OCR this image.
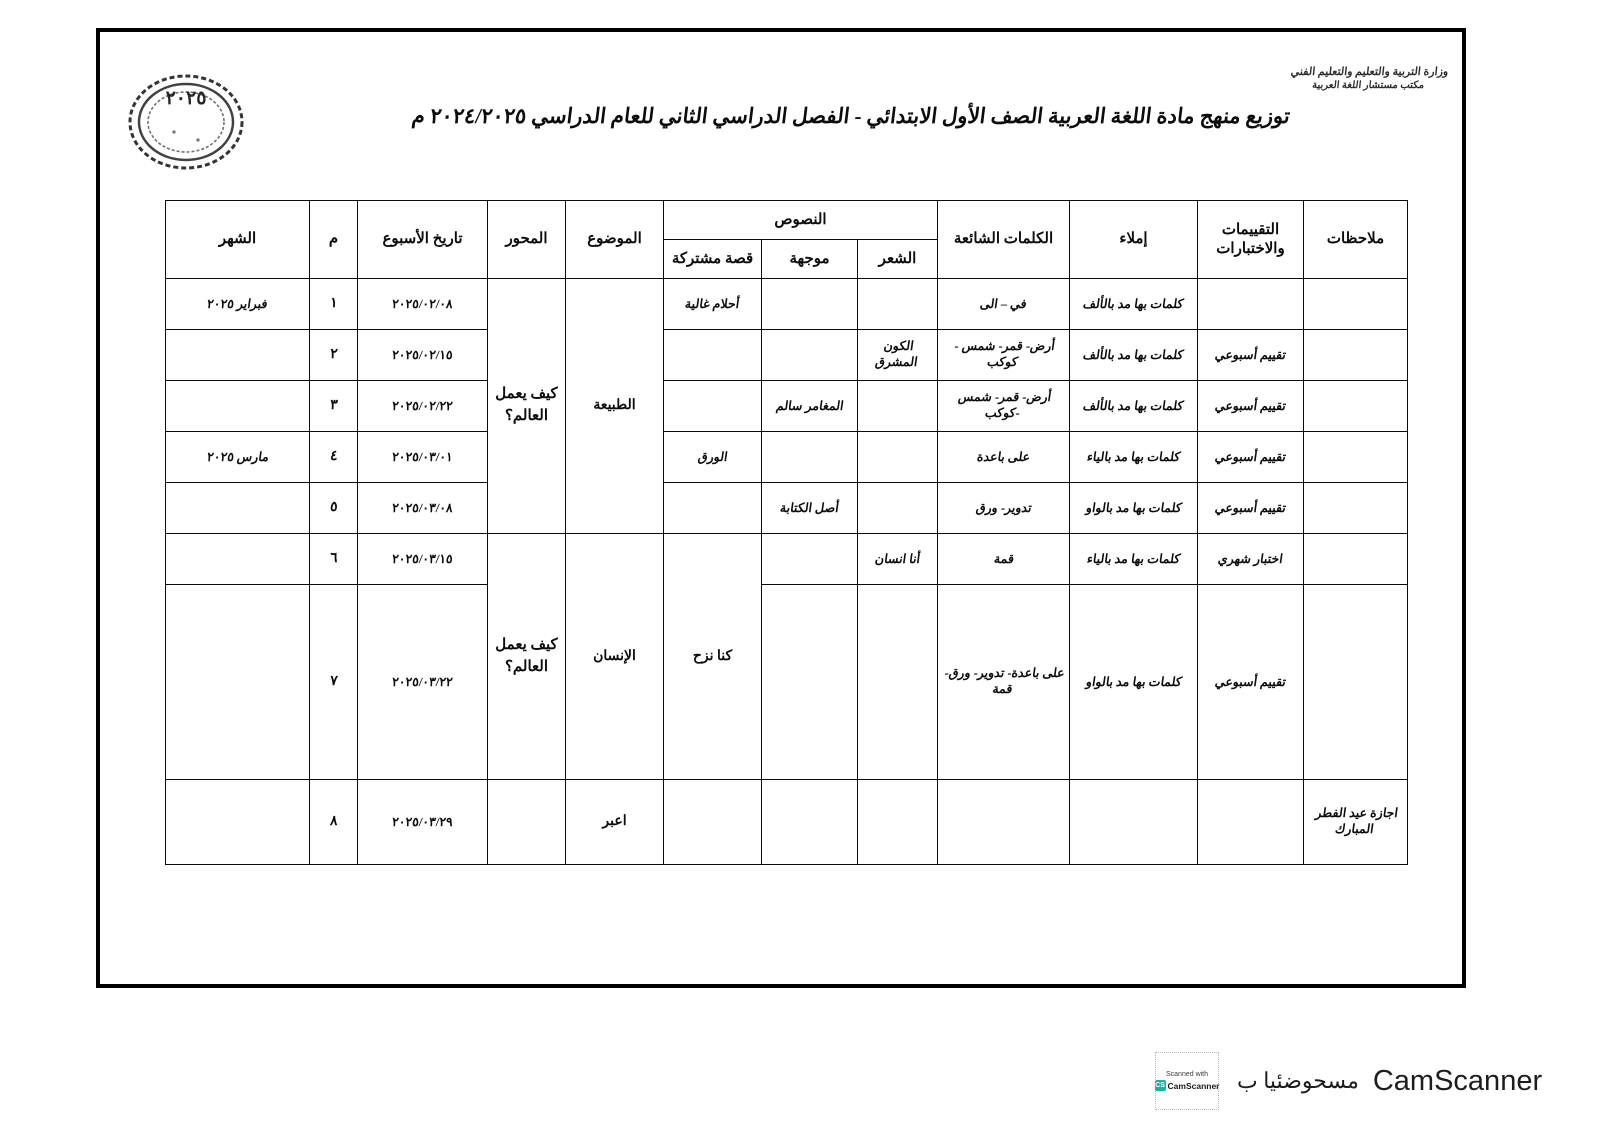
وزارة التربية والتعليم والتعليم الفني
مكتب مستشار اللغة العربية
٢٠٢٥
توزيع منهج مادة اللغة العربية الصف الأول الابتدائي - الفصل الدراسي الثاني للعام الدراسي ٢٠٢٤/٢٠٢٥ م
ملاحظات	التقييمات والاختبارات	إملاء	الكلمات الشائعة	النصوص			الموضوع	المحور	تاريخ الأسبوع	م	الشهر
				الشعر	موجهة	قصة مشتركة					
		كلمات بها مد بالألف	في – الى			أحلام غالية	الطبيعة	كيف يعمل العالم؟	٢٠٢٥/٠٢/٠٨	١	فبراير ٢٠٢٥
	تقييم أسبوعي	كلمات بها مد بالألف	أرض- قمر- شمس - كوكب	الكون المشرق					٢٠٢٥/٠٢/١٥	٢	
	تقييم أسبوعي	كلمات بها مد بالألف	أرض- قمر- شمس -كوكب		المغامر سالم				٢٠٢٥/٠٢/٢٢	٣	
	تقييم أسبوعي	كلمات بها مد بالياء	على باعدة			الورق			٢٠٢٥/٠٣/٠١	٤	مارس ٢٠٢٥
	تقييم أسبوعي	كلمات بها مد بالواو	تدوير- ورق		أصل الكتابة				٢٠٢٥/٠٣/٠٨	٥	
	اختبار شهري	كلمات بها مد بالياء	قمة	أنا انسان		كنا نزح	الإنسان	كيف يعمل العالم؟	٢٠٢٥/٠٣/١٥	٦	
	تقييم أسبوعي	كلمات بها مد بالواو	على باعدة- تدوير- ورق- قمة						٢٠٢٥/٠٣/٢٢	٧	
اجازة عيد الفطر المبارك							اعبر		٢٠٢٥/٠٣/٢٩	٨	
Scanned with
CS CamScanner مسحوضئيا ب CamScanner
